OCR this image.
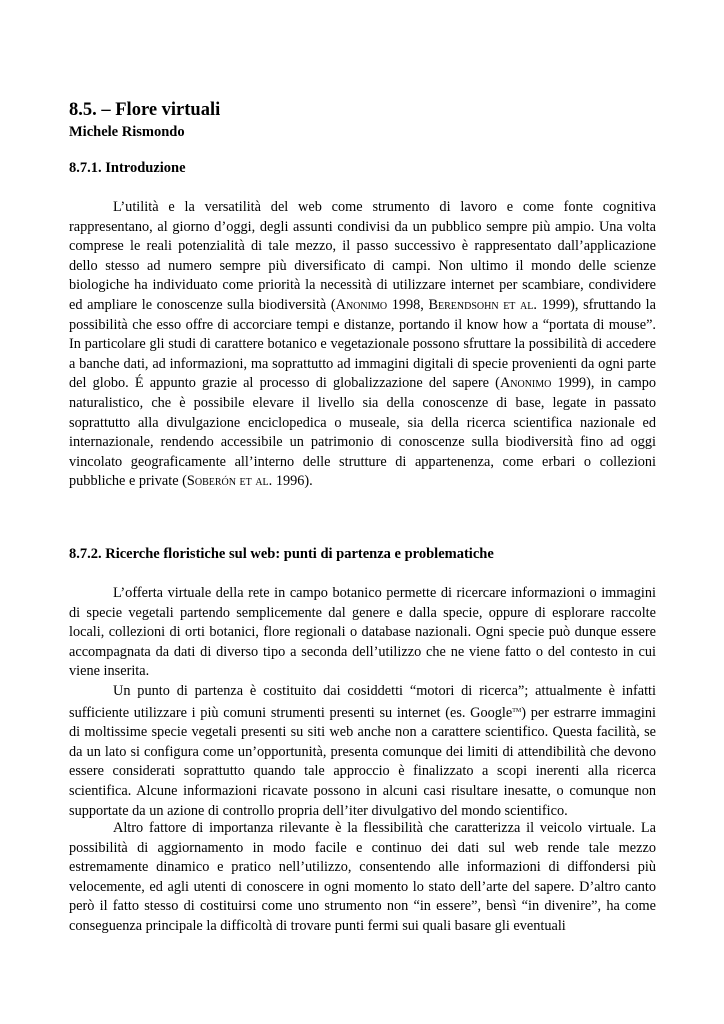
8.5. – Flore virtuali
Michele Rismondo
8.7.1. Introduzione
L’utilità e la versatilità del web come strumento di lavoro e come fonte cognitiva rappresentano, al giorno d’oggi, degli assunti condivisi da un pubblico sempre più ampio. Una volta comprese le reali potenzialità di tale mezzo, il passo successivo è rappresentato dall’applicazione dello stesso ad numero sempre più diversificato di campi. Non ultimo il mondo delle scienze biologiche ha individuato come priorità la necessità di utilizzare internet per scambiare, condividere ed ampliare le conoscenze sulla biodiversità (Anonimo 1998, Berendsohn et al. 1999), sfruttando la possibilità che esso offre di accorciare tempi e distanze, portando il know how a “portata di mouse”. In particolare gli studi di carattere botanico e vegetazionale possono sfruttare la possibilità di accedere a banche dati, ad informazioni, ma soprattutto ad immagini digitali di specie provenienti da ogni parte del globo. É appunto grazie al processo di globalizzazione del sapere (Anonimo 1999), in campo naturalistico, che è possibile elevare il livello sia della conoscenze di base, legate in passato soprattutto alla divulgazione enciclopedica o museale, sia della ricerca scientifica nazionale ed internazionale, rendendo accessibile un patrimonio di conoscenze sulla biodiversità fino ad oggi vincolato geograficamente all’interno delle strutture di appartenenza, come erbari o collezioni pubbliche e private (Soberón et al. 1996).
8.7.2. Ricerche floristiche sul web: punti di partenza e problematiche
L’offerta virtuale della rete in campo botanico permette di ricercare informazioni o immagini di specie vegetali partendo semplicemente dal genere e dalla specie, oppure di esplorare raccolte locali, collezioni di orti botanici, flore regionali o database nazionali. Ogni specie può dunque essere accompagnata da dati di diverso tipo a seconda dell’utilizzo che ne viene fatto o del contesto in cui viene inserita.
Un punto di partenza è costituito dai cosiddetti “motori di ricerca”; attualmente è infatti sufficiente utilizzare i più comuni strumenti presenti su internet (es. Google™) per estrarre immagini di moltissime specie vegetali presenti su siti web anche non a carattere scientifico. Questa facilità, se da un lato si configura come un’opportunità, presenta comunque dei limiti di attendibilità che devono essere considerati soprattutto quando tale approccio è finalizzato a scopi inerenti alla ricerca scientifica. Alcune informazioni ricavate possono in alcuni casi risultare inesatte, o comunque non supportate da un azione di controllo propria dell’iter divulgativo del mondo scientifico.
Altro fattore di importanza rilevante è la flessibilità che caratterizza il veicolo virtuale. La possibilità di aggiornamento in modo facile e continuo dei dati sul web rende tale mezzo estremamente dinamico e pratico nell’utilizzo, consentendo alle informazioni di diffondersi più velocemente, ed agli utenti di conoscere in ogni momento lo stato dell’arte del sapere. D’altro canto però il fatto stesso di costituirsi come uno strumento non “in essere”, bensì “in divenire”, ha come conseguenza principale la difficoltà di trovare punti fermi sui quali basare gli eventuali
